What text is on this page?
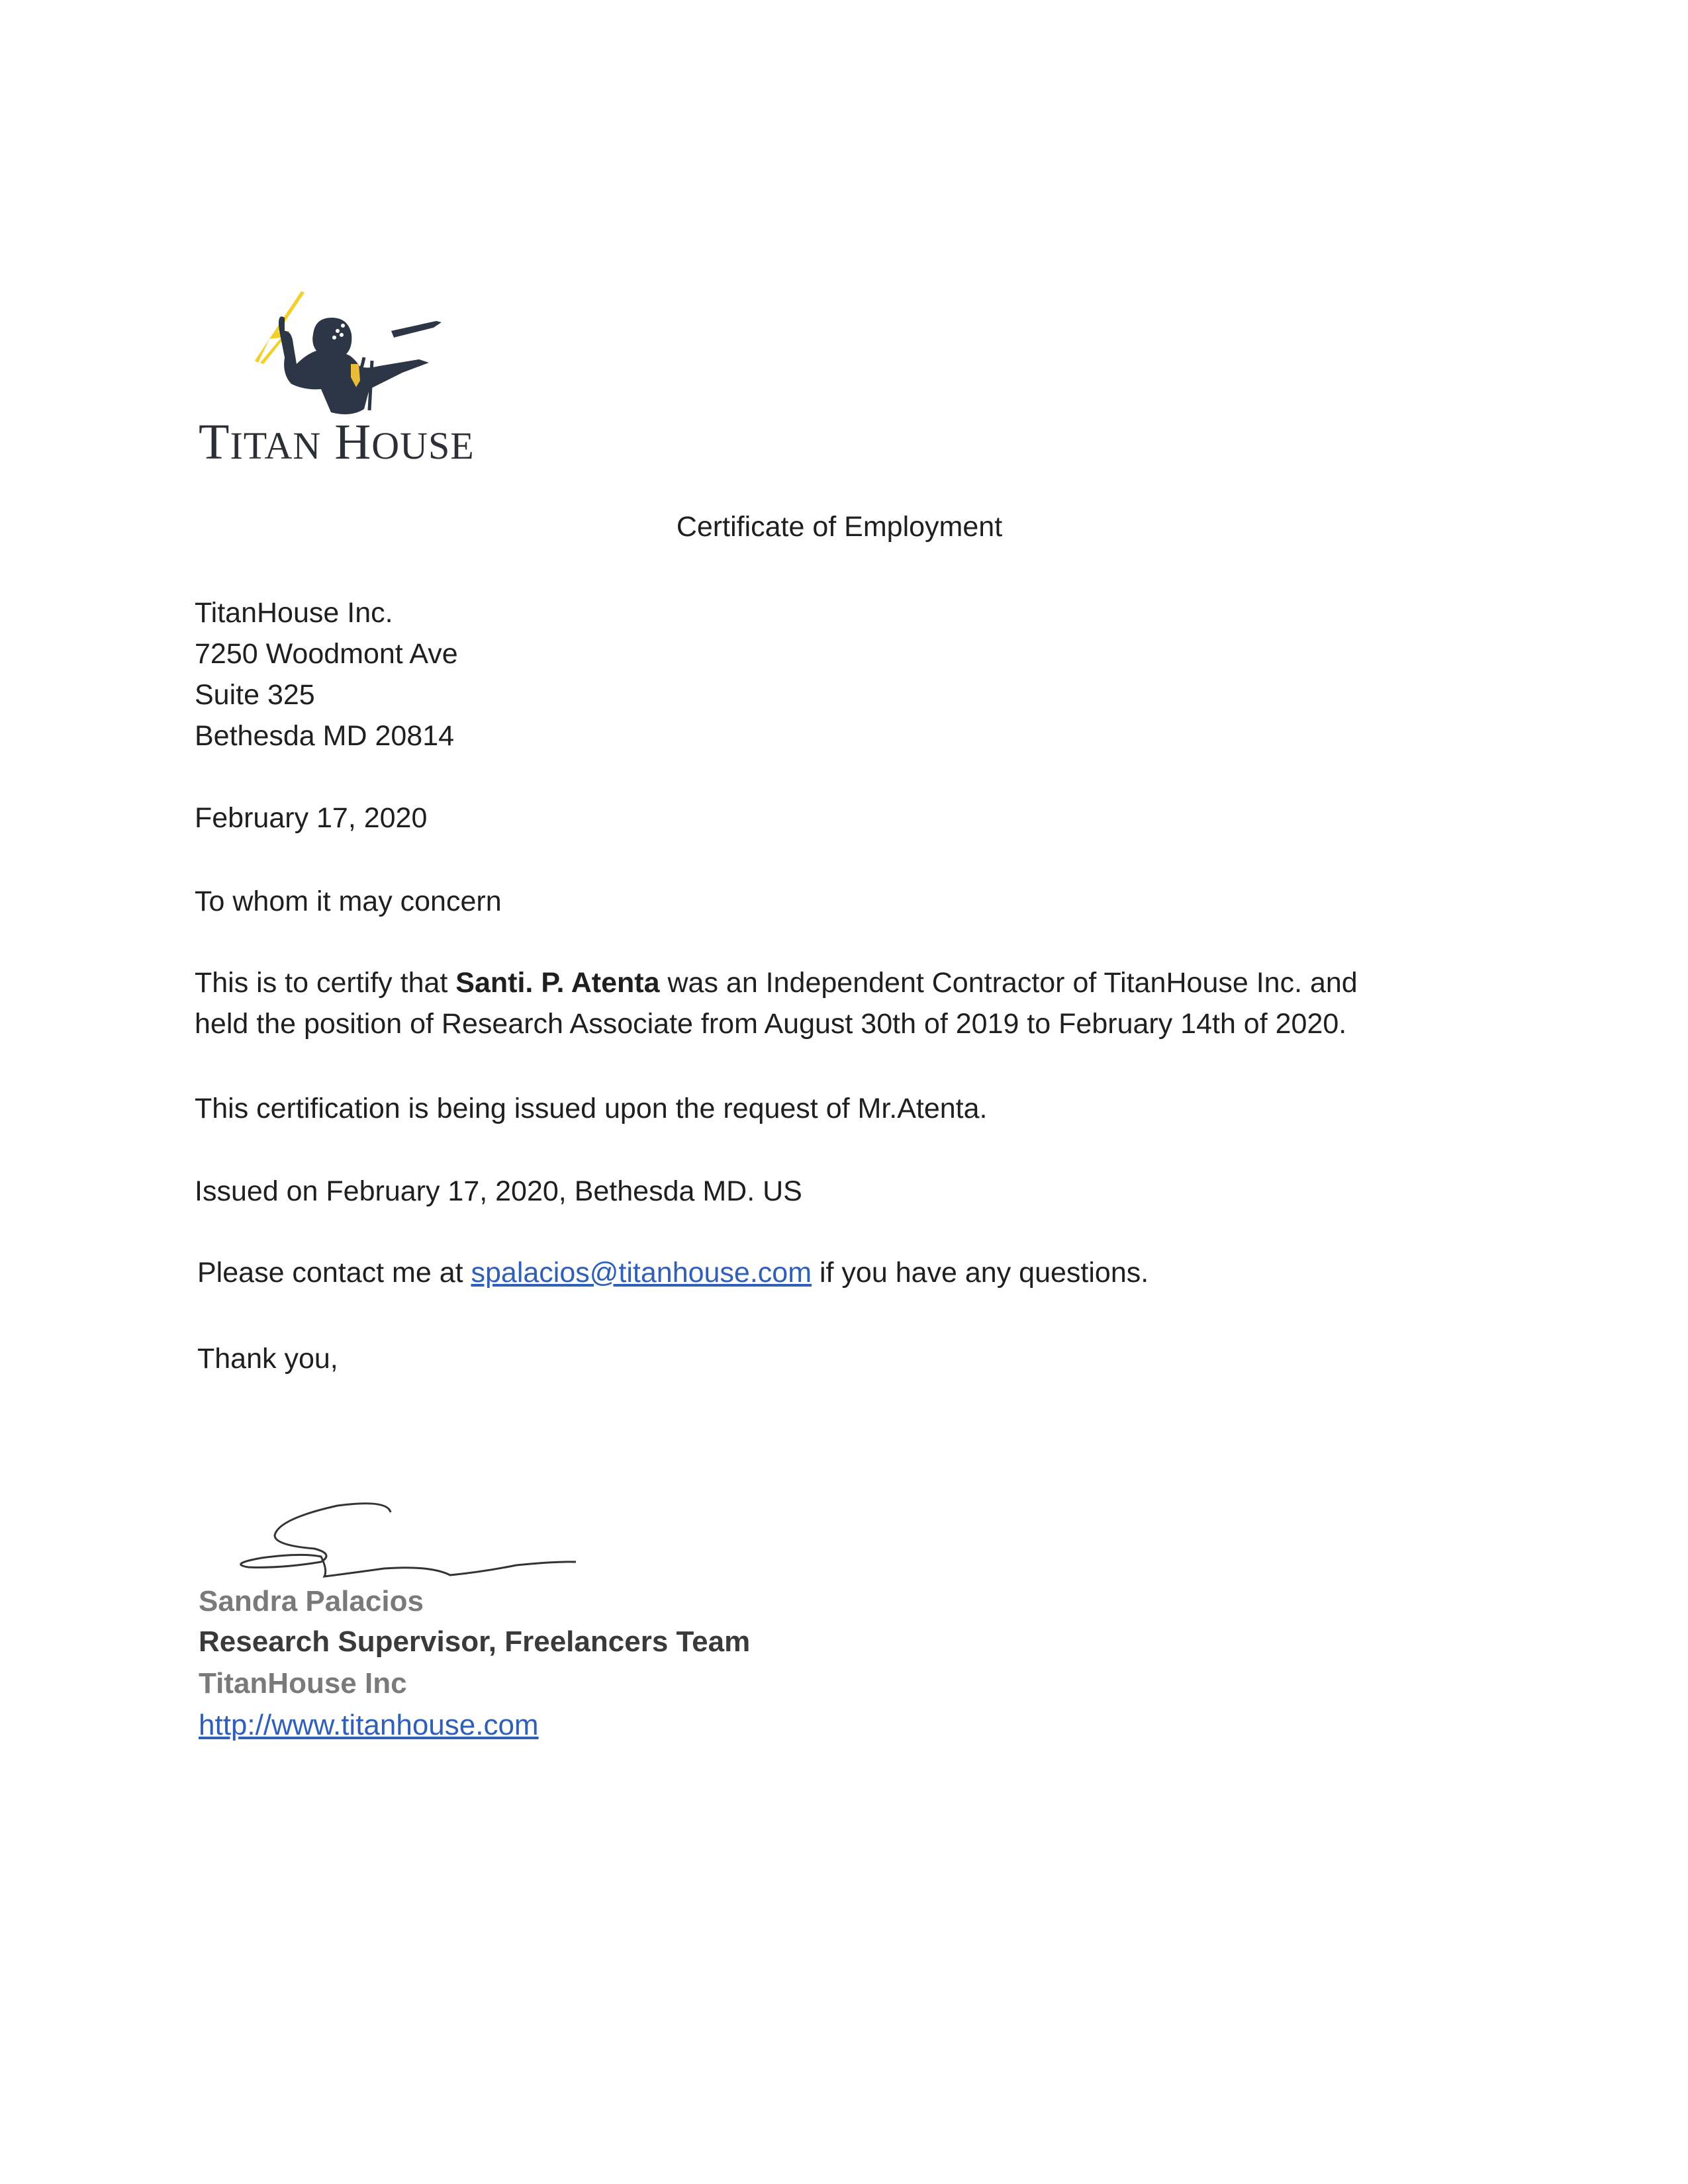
TITAN HOUSE
Certificate of Employment
TitanHouse Inc.
7250 Woodmont Ave
Suite 325
Bethesda MD 20814
February 17, 2020
To whom it may concern
This is to certify that Santi. P. Atenta was an Independent Contractor of TitanHouse Inc. and
held the position of Research Associate from August 30th of 2019 to February 14th of 2020.
This certification is being issued upon the request of Mr.Atenta.
Issued on February 17, 2020, Bethesda MD. US
Please contact me at spalacios@titanhouse.com if you have any questions.
Thank you,
Sandra Palacios
Research Supervisor, Freelancers Team
TitanHouse Inc
http://www.titanhouse.com
